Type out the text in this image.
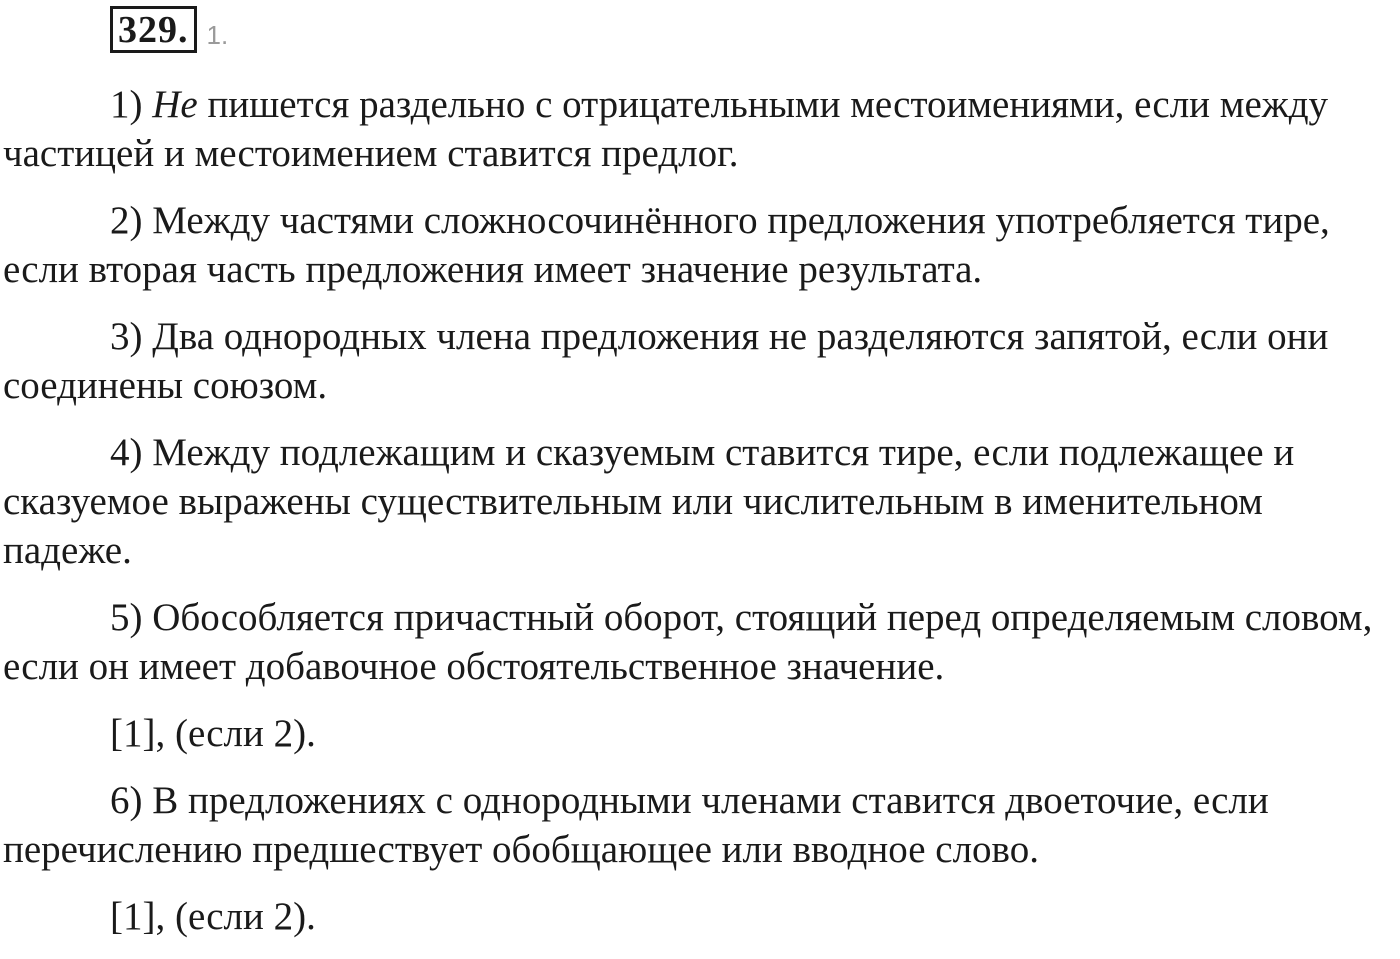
329. 1.

1) Не пишется раздельно с отрицательными местоимениями, если между частицей и местоимением ставится предлог.

2) Между частями сложносочинённого предложения употребляется тире, если вторая часть предложения имеет значение результата.

3) Два однородных члена предложения не разделяются запятой, если они соединены союзом.

4) Между подлежащим и сказуемым ставится тире, если подлежащее и сказуемое выражены существительным или числительным в именительном падеже.

5) Обособляется причастный оборот, стоящий перед определяемым словом, если он имеет добавочное обстоятельственное значение.

[1], (если 2).

6) В предложениях с однородными членами ставится двоеточие, если перечислению предшествует обобщающее или вводное слово.

[1], (если 2).
